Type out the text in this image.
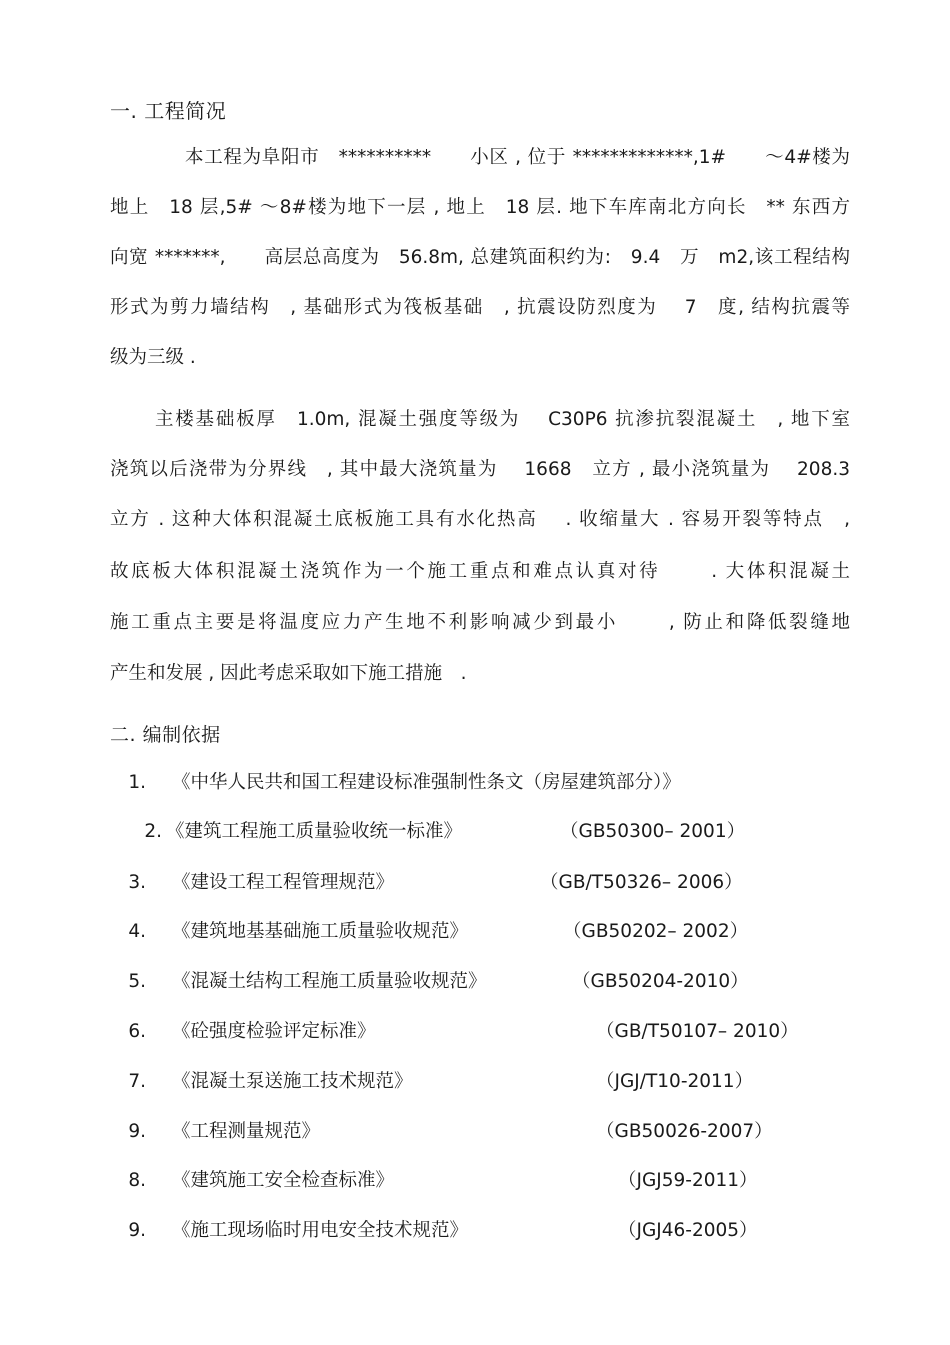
一. 工程简况
本工程为阜阳市　**********　　小区 , 位于 *************,1#　　～4#楼为
地上　18 层,5# ～8#楼为地下一层 , 地上　18 层. 地下车库南北方向长　** 东西方
向宽 *******,　　高层总高度为　56.8m, 总建筑面积约为:　9.4　万　m2,该工程结构
形式为剪力墙结构　, 基础形式为筏板基础　, 抗震设防烈度为　 7　度, 结构抗震等
级为三级 .
主楼基础板厚　1.0m, 混凝土强度等级为　 C30P6 抗渗抗裂混凝土　, 地下室
浇筑以后浇带为分界线　, 其中最大浇筑量为　 1668　立方 , 最小浇筑量为　 208.3
立方 . 这种大体积混凝土底板施工具有水化热高　 . 收缩量大 . 容易开裂等特点　,
故底板大体积混凝土浇筑作为一个施工重点和难点认真对待　　 . 大体积混凝土
施工重点主要是将温度应力产生地不利影响减少到最小　　 , 防止和降低裂缝地
产生和发展 , 因此考虑采取如下施工措施　.
二. 编制依据
1. 《中华人民共和国工程建设标准强制性条文（房屋建筑部分）》
2. 《建筑工程施工质量验收统一标准》	（GB50300– 2001）
3. 《建设工程工程管理规范》	（GB/T50326– 2006）
4. 《建筑地基基础施工质量验收规范》	（GB50202– 2002）
5. 《混凝土结构工程施工质量验收规范》	（GB50204-2010）
6. 《砼强度检验评定标准》	（GB/T50107– 2010）
7. 《混凝土泵送施工技术规范》	（JGJ/T10-2011）
9. 《工程测量规范》	（GB50026-2007）
8. 《建筑施工安全检查标准》	（JGJ59-2011）
9. 《施工现场临时用电安全技术规范》	（JGJ46-2005）
